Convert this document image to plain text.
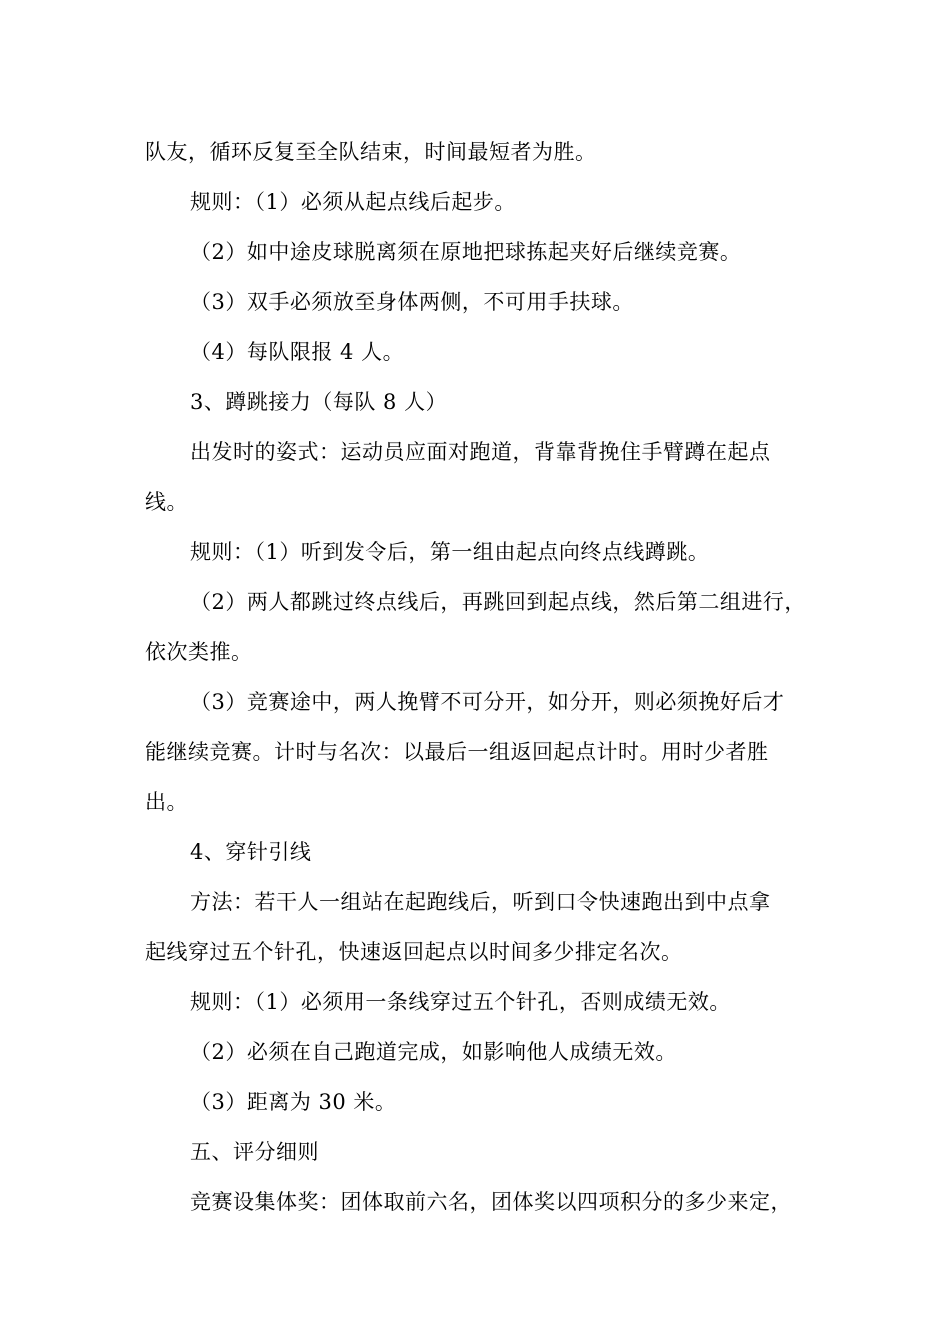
队友，循环反复至全队结束，时间最短者为胜。
规则：（1）必须从起点线后起步。
（2）如中途皮球脱离须在原地把球拣起夹好后继续竞赛。
（3）双手必须放至身体两侧，不可用手扶球。
（4）每队限报 4 人。
3、蹲跳接力（每队 8 人）
出发时的姿式：运动员应面对跑道，背靠背挽住手臂蹲在起点
线。
规则：（1）听到发令后，第一组由起点向终点线蹲跳。
（2）两人都跳过终点线后，再跳回到起点线，然后第二组进行，
依次类推。
（3）竞赛途中，两人挽臂不可分开，如分开，则必须挽好后才
能继续竞赛。计时与名次：以最后一组返回起点计时。用时少者胜
出。
4、穿针引线
方法：若干人一组站在起跑线后，听到口令快速跑出到中点拿
起线穿过五个针孔，快速返回起点以时间多少排定名次。
规则：（1）必须用一条线穿过五个针孔，否则成绩无效。
（2）必须在自己跑道完成，如影响他人成绩无效。
（3）距离为 30 米。
五、评分细则
竞赛设集体奖：团体取前六名，团体奖以四项积分的多少来定，
